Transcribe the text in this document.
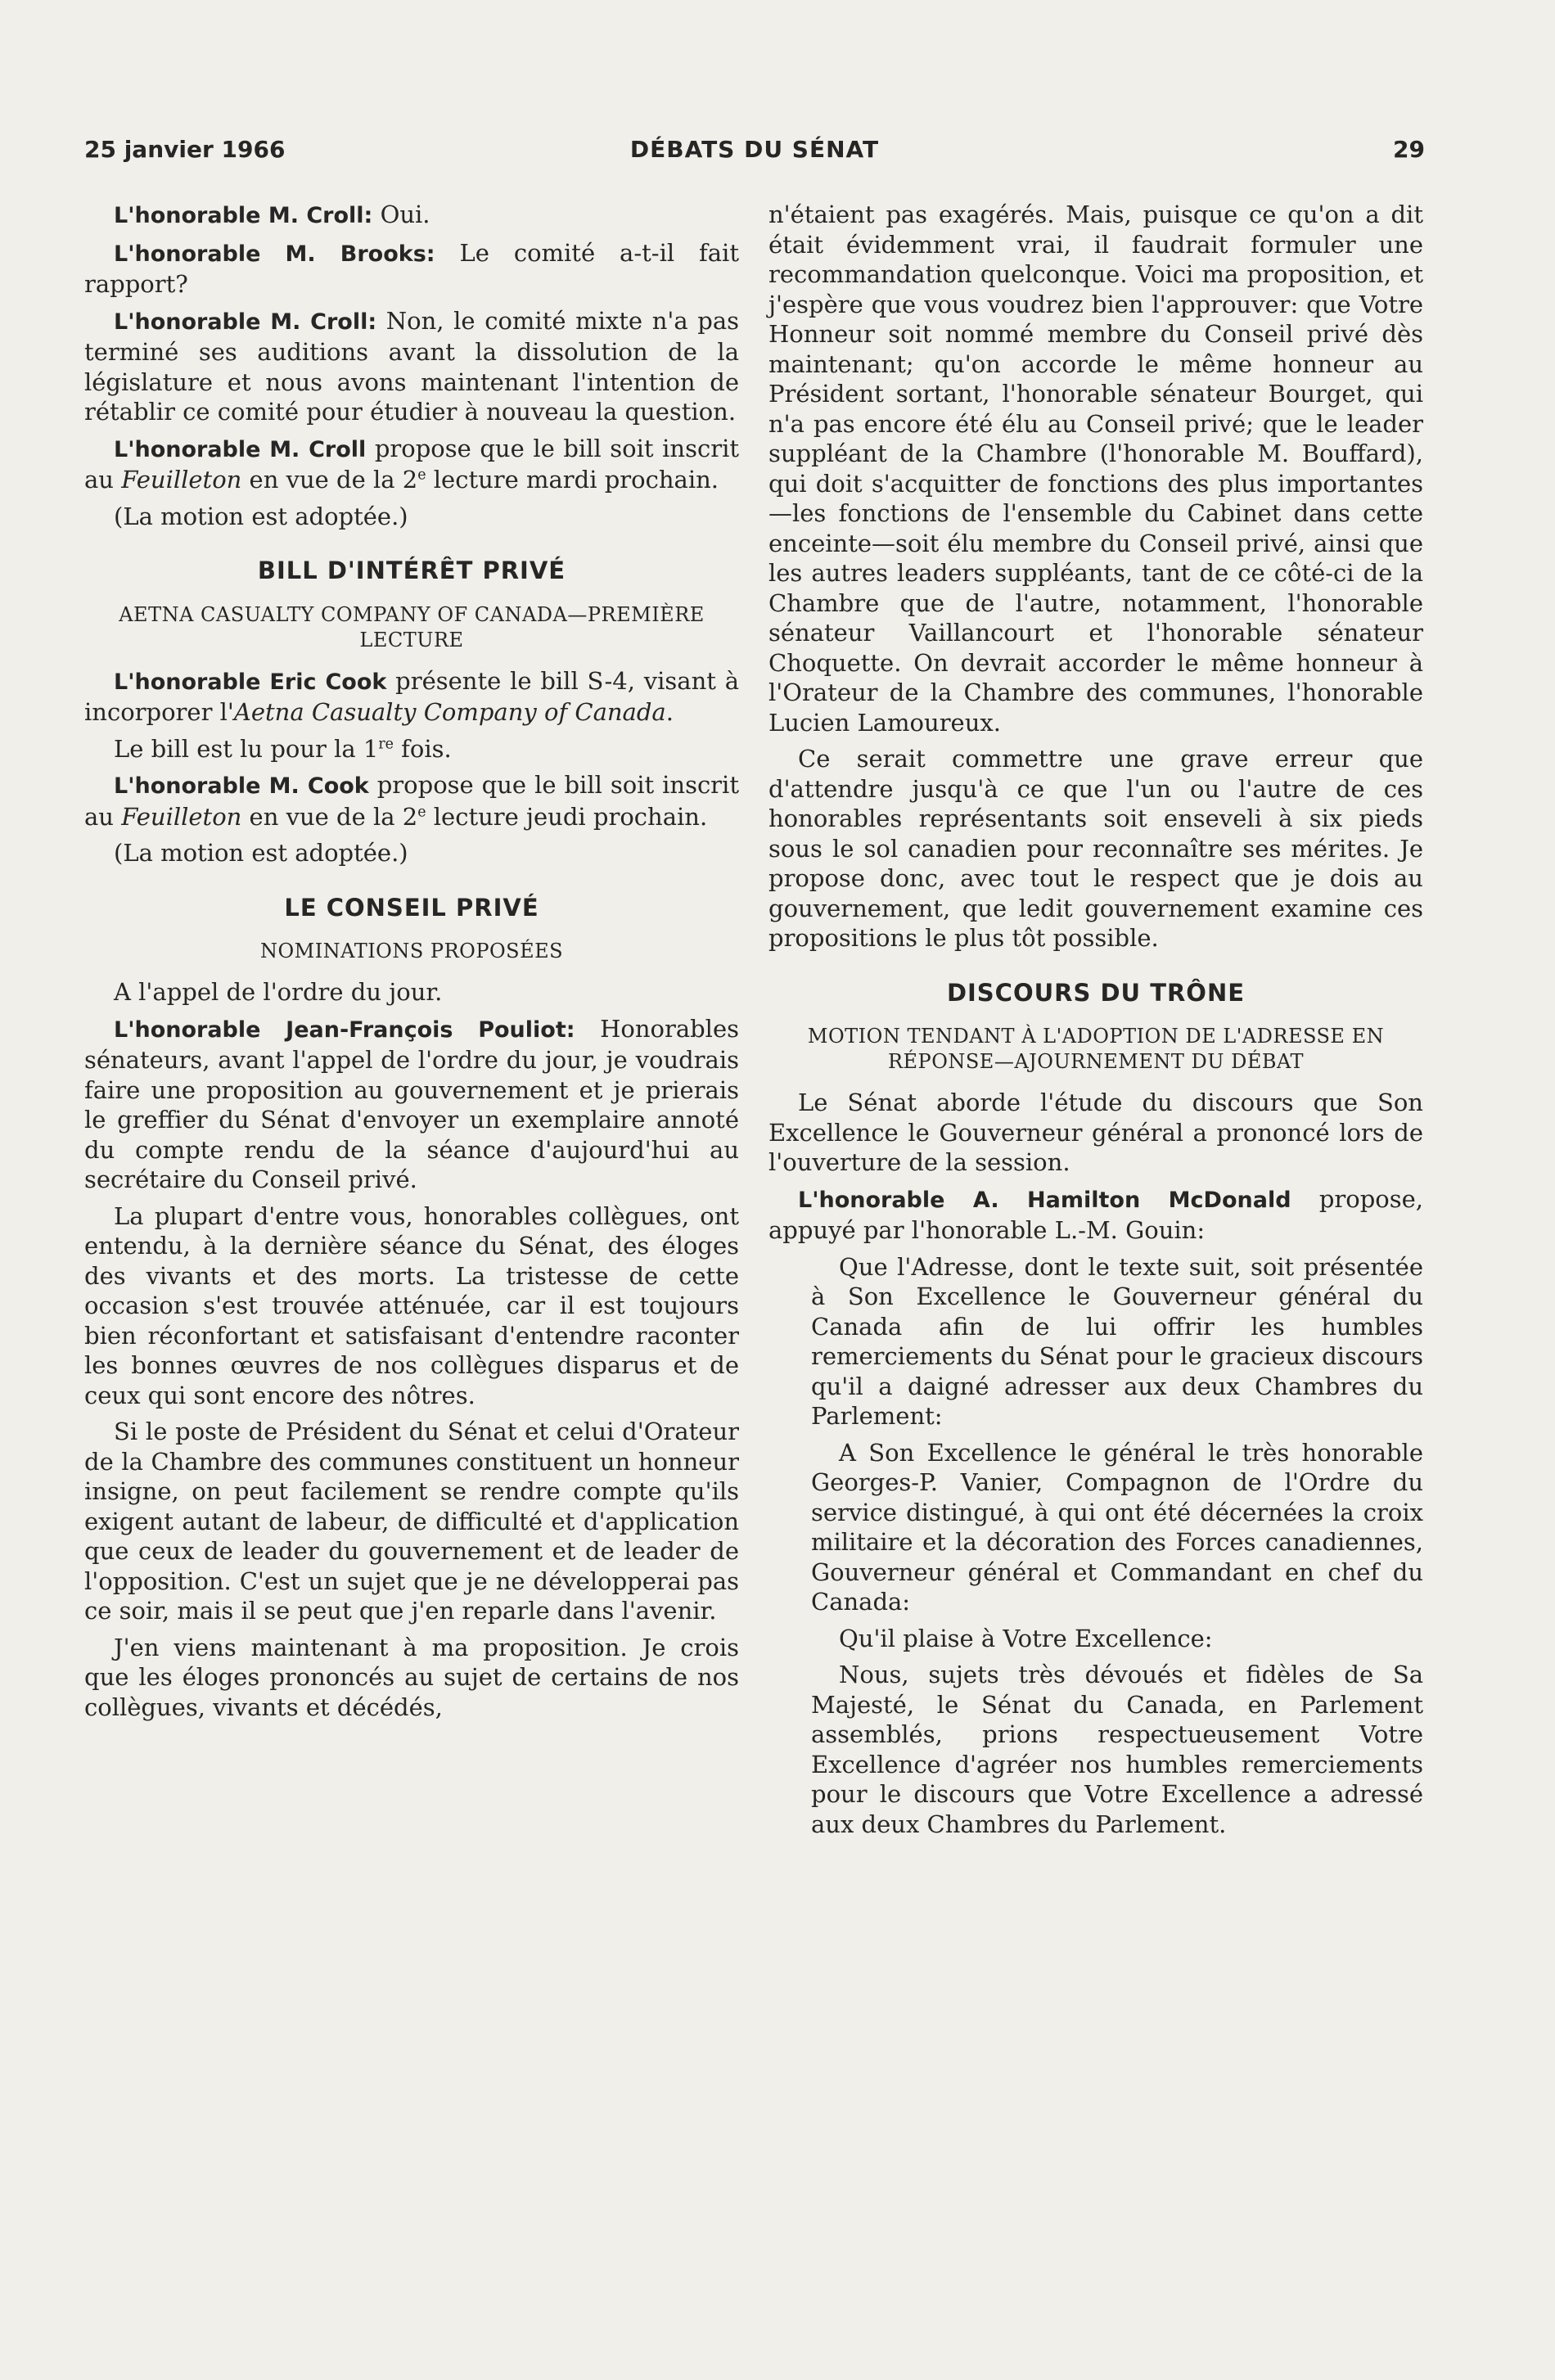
25 janvier 1966	DÉBATS DU SÉNAT	29

L'honorable M. Croll: Oui.

L'honorable M. Brooks: Le comité a-t-il fait rapport?

L'honorable M. Croll: Non, le comité mixte n'a pas terminé ses auditions avant la dissolution de la législature et nous avons maintenant l'intention de rétablir ce comité pour étudier à nouveau la question.

L'honorable M. Croll propose que le bill soit inscrit au Feuilleton en vue de la 2e lecture mardi prochain.

(La motion est adoptée.)

BILL D'INTÉRÊT PRIVÉ
AETNA CASUALTY COMPANY OF CANADA—PREMIÈRE LECTURE

L'honorable Eric Cook présente le bill S-4, visant à incorporer l'Aetna Casualty Company of Canada.

Le bill est lu pour la 1re fois.

L'honorable M. Cook propose que le bill soit inscrit au Feuilleton en vue de la 2e lecture jeudi prochain.

(La motion est adoptée.)

LE CONSEIL PRIVÉ
NOMINATIONS PROPOSÉES

A l'appel de l'ordre du jour.

L'honorable Jean-François Pouliot: Honorables sénateurs, avant l'appel de l'ordre du jour, je voudrais faire une proposition au gouvernement et je prierais le greffier du Sénat d'envoyer un exemplaire annoté du compte rendu de la séance d'aujourd'hui au secrétaire du Conseil privé.

La plupart d'entre vous, honorables collègues, ont entendu, à la dernière séance du Sénat, des éloges des vivants et des morts. La tristesse de cette occasion s'est trouvée atténuée, car il est toujours bien réconfortant et satisfaisant d'entendre raconter les bonnes œuvres de nos collègues disparus et de ceux qui sont encore des nôtres.

Si le poste de Président du Sénat et celui d'Orateur de la Chambre des communes constituent un honneur insigne, on peut facilement se rendre compte qu'ils exigent autant de labeur, de difficulté et d'application que ceux de leader du gouvernement et de leader de l'opposition. C'est un sujet que je ne développerai pas ce soir, mais il se peut que j'en reparle dans l'avenir.

J'en viens maintenant à ma proposition. Je crois que les éloges prononcés au sujet de certains de nos collègues, vivants et décédés,

n'étaient pas exagérés. Mais, puisque ce qu'on a dit était évidemment vrai, il faudrait formuler une recommandation quelconque. Voici ma proposition, et j'espère que vous voudrez bien l'approuver: que Votre Honneur soit nommé membre du Conseil privé dès maintenant; qu'on accorde le même honneur au Président sortant, l'honorable sénateur Bourget, qui n'a pas encore été élu au Conseil privé; que le leader suppléant de la Chambre (l'honorable M. Bouffard), qui doit s'acquitter de fonctions des plus importantes—les fonctions de l'ensemble du Cabinet dans cette enceinte—soit élu membre du Conseil privé, ainsi que les autres leaders suppléants, tant de ce côté-ci de la Chambre que de l'autre, notamment, l'honorable sénateur Vaillancourt et l'honorable sénateur Choquette. On devrait accorder le même honneur à l'Orateur de la Chambre des communes, l'honorable Lucien Lamoureux.

Ce serait commettre une grave erreur que d'attendre jusqu'à ce que l'un ou l'autre de ces honorables représentants soit enseveli à six pieds sous le sol canadien pour reconnaître ses mérites. Je propose donc, avec tout le respect que je dois au gouvernement, que ledit gouvernement examine ces propositions le plus tôt possible.

DISCOURS DU TRÔNE
MOTION TENDANT À L'ADOPTION DE L'ADRESSE EN RÉPONSE—AJOURNEMENT DU DÉBAT

Le Sénat aborde l'étude du discours que Son Excellence le Gouverneur général a prononcé lors de l'ouverture de la session.

L'honorable A. Hamilton McDonald propose, appuyé par l'honorable L.-M. Gouin:

Que l'Adresse, dont le texte suit, soit présentée à Son Excellence le Gouverneur général du Canada afin de lui offrir les humbles remerciements du Sénat pour le gracieux discours qu'il a daigné adresser aux deux Chambres du Parlement:

A Son Excellence le général le très honorable Georges-P. Vanier, Compagnon de l'Ordre du service distingué, à qui ont été décernées la croix militaire et la décoration des Forces canadiennes, Gouverneur général et Commandant en chef du Canada:

Qu'il plaise à Votre Excellence:

Nous, sujets très dévoués et fidèles de Sa Majesté, le Sénat du Canada, en Parlement assemblés, prions respectueusement Votre Excellence d'agréer nos humbles remerciements pour le discours que Votre Excellence a adressé aux deux Chambres du Parlement.
